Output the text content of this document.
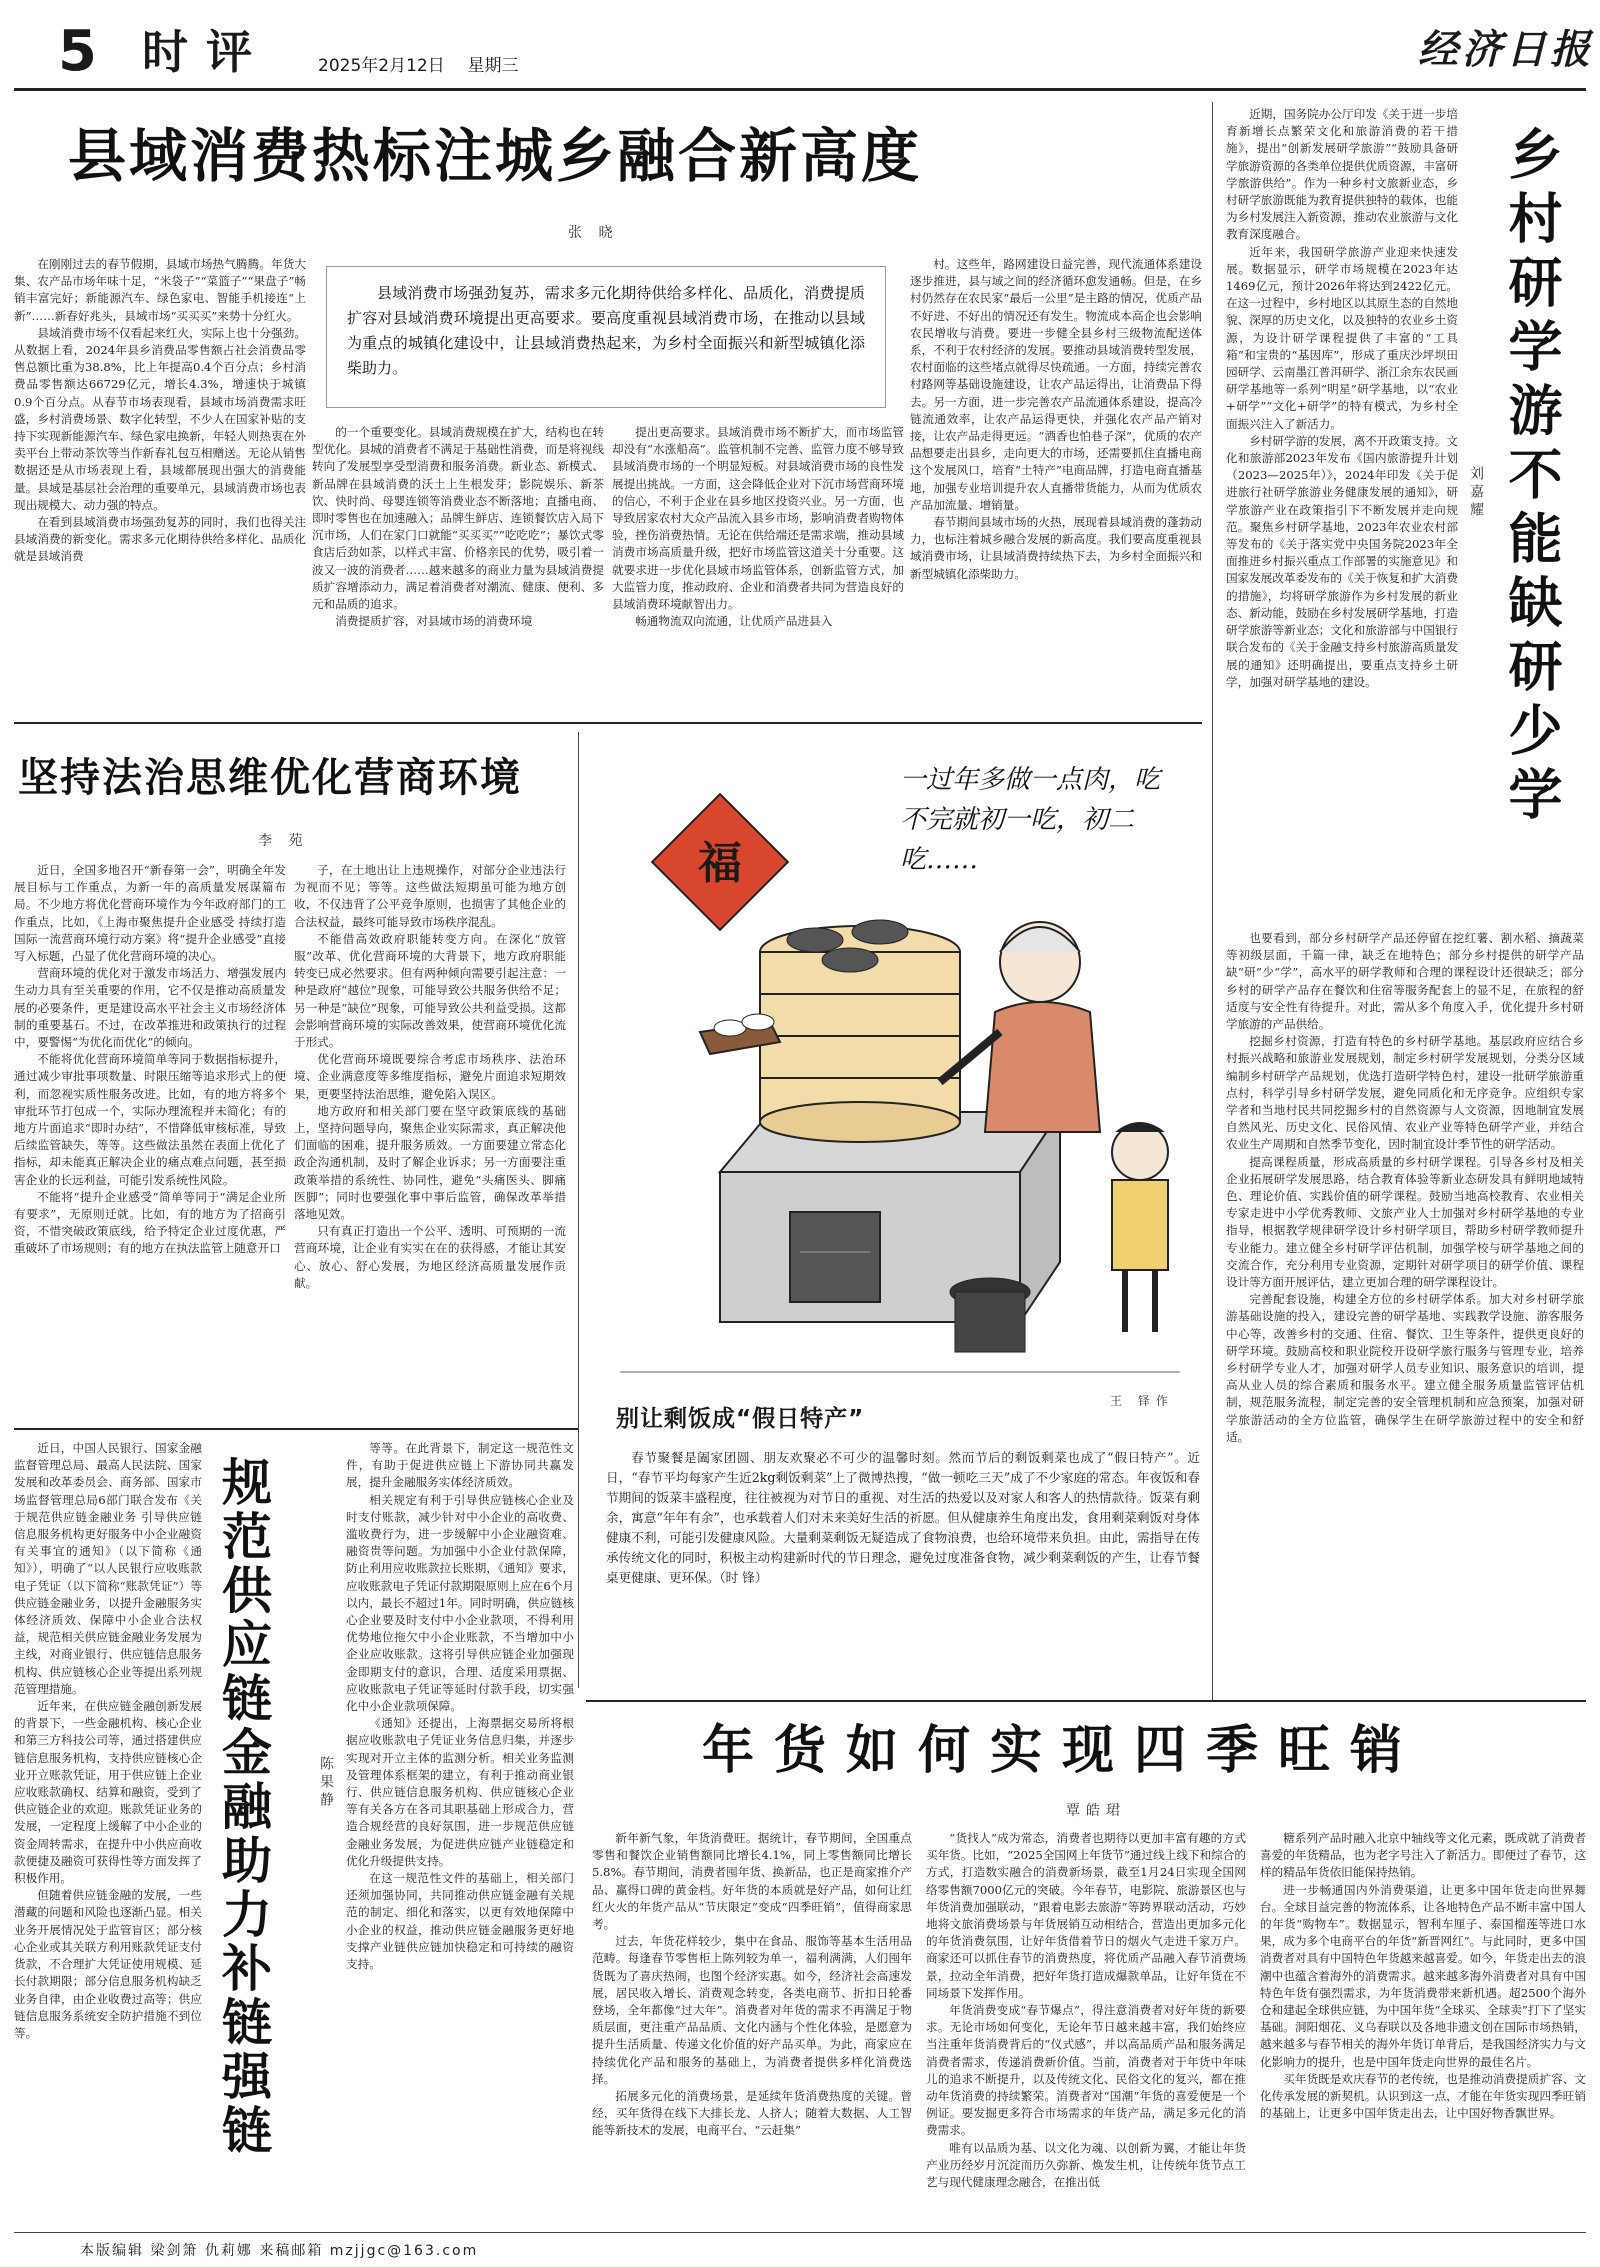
5 时评	2025年2月12日 星期三	经济日报
县域消费热标注城乡融合新高度
张 晓

在刚刚过去的春节假期，县域市场热气腾腾。年货大集、农产品市场年味十足，“米袋子”“菜篮子”“果盘子”畅销丰富完好；新能源汽车、绿色家电、智能手机接连“上新”……新春好兆头，县域市场“买买买”来势十分红火。

县域消费市场不仅看起来红火，实际上也十分强劲。从数据上看，2024年县乡消费品零售额占社会消费品零售总额比重为38.8%，比上年提高0.4个百分点；乡村消费品零售额达66729亿元，增长4.3%，增速快于城镇0.9个百分点。从春节市场表现看，县域市场消费需求旺盛，乡村消费场景、数字化转型，不少人在国家补贴的支持下实现新能源汽车、绿色家电换新，年轻人则热衷在外卖平台上带动茶饮等当作新春礼包互相赠送。无论从销售数据还是从市场表现上看，县域都展现出强大的消费能量。县域是基层社会治理的重要单元，县域消费市场也表现出规模大、动力强的特点。

在看到县域消费市场强劲复苏的同时，我们也得关注县域消费的新变化。需求多元化期待供给多样化、品质化就是县域消费

县域消费市场强劲复苏，需求多元化期待供给多样化、品质化，消费提质扩容对县域消费环境提出更高要求。要高度重视县域消费市场，在推动以县域为重点的城镇化建设中，让县域消费热起来，为乡村全面振兴和新型城镇化添柴助力。

的一个重要变化。县域消费规模在扩大，结构也在转型优化。县城的消费者不满足于基础性消费，而是将视线转向了发展型享受型消费和服务消费。新业态、新模式、新品牌在县域消费的沃土上生根发芽；影院娱乐、新茶饮、快时尚、母婴连锁等消费业态不断落地；直播电商、即时零售也在加速融入；品牌生鲜店、连锁餐饮店入局下沉市场，人们在家门口就能“买买买”“吃吃吃”；暴饮式零食店后劲如茶，以样式丰富、价格亲民的优势，吸引着一波又一波的消费者……越来越多的商业力量为县域消费提质扩容增添动力，满足着消费者对潮流、健康、便利、多元和品质的追求。

消费提质扩容，对县域市场的消费环境

提出更高要求。县域消费市场不断扩大，而市场监管却没有“水涨船高”。监管机制不完善、监管力度不够导致县域消费市场的一个明显短板。对县域消费市场的良性发展提出挑战。一方面，这会降低企业对下沉市场营商环境的信心，不利于企业在县乡地区投资兴业。另一方面，也导致居家农村大众产品流入县乡市场，影响消费者购物体验，挫伤消费热情。无论在供给端还是需求端，推动县域消费市场高质量升级，把好市场监管这道关十分重要。这就要求进一步优化县域市场监管体系，创新监管方式，加大监管力度，推动政府、企业和消费者共同为营造良好的县域消费环境献智出力。

畅通物流双向流通，让优质产品进县入

村。这些年，路网建设日益完善，现代流通体系建设逐步推进，县与域之间的经济循环愈发通畅。但是，在乡村仍然存在农民家“最后一公里”是主路的情况，优质产品不好进、不好出的情况还有发生。物流成本高企也会影响农民增收与消费。要进一步健全县乡村三级物流配送体系，不利于农村经济的发展。要推动县域消费转型发展，农村面临的这些堵点就得尽快疏通。一方面，持续完善农村路网等基础设施建设，让农产品运得出，让消费品下得去。另一方面，进一步完善农产品流通体系建设，提高冷链流通效率，让农产品运得更快，并强化农产品产销对接，让农产品走得更远。“酒香也怕巷子深”，优质的农产品想要走出县乡，走向更大的市场，还需要抓住直播电商这个发展风口，培育“土特产”电商品牌，打造电商直播基地，加强专业培训提升农人直播带货能力，从而为优质农产品加流量、增销量。

春节期间县域市场的火热，展现着县域消费的蓬勃动力，也标注着城乡融合发展的新高度。我们要高度重视县域消费市场，让县域消费持续热下去，为乡村全面振兴和新型城镇化添柴助力。	乡村研学游不能缺研少学
刘嘉耀

近期，国务院办公厅印发《关于进一步培育新增长点繁荣文化和旅游消费的若干措施》，提出“创新发展研学旅游”“鼓励具备研学旅游资源的各类单位提供优质资源，丰富研学旅游供给”。作为一种乡村文旅新业态，乡村研学旅游既能为教育提供独特的载体，也能为乡村发展注入新资源，推动农业旅游与文化教育深度融合。

近年来，我国研学旅游产业迎来快速发展。数据显示，研学市场规模在2023年达1469亿元，预计2026年将达到2422亿元。在这一过程中，乡村地区以其原生态的自然地貌、深厚的历史文化，以及独特的农业乡土资源，为设计研学课程提供了丰富的“工具箱”和宝贵的“基因库”，形成了重庆沙坪坝田园研学、云南墨江普洱研学、浙江余东农民画研学基地等一系列“明星”研学基地，以“农业+研学”“文化+研学”的特有模式，为乡村全面振兴注入了新活力。

乡村研学游的发展，离不开政策支持。文化和旅游部2023年发布《国内旅游提升计划（2023—2025年）》，2024年印发《关于促进旅行社研学旅游业务健康发展的通知》，研学旅游产业在政策指引下不断发展并走向规范。聚焦乡村研学基地，2023年农业农村部等发布的《关于落实党中央国务院2023年全面推进乡村振兴重点工作部署的实施意见》和国家发展改革委发布的《关于恢复和扩大消费的措施》，均将研学旅游作为乡村发展的新业态、新动能，鼓励在乡村发展研学基地，打造研学旅游等新业态；文化和旅游部与中国银行联合发布的《关于金融支持乡村旅游高质量发展的通知》还明确提出，要重点支持乡土研学，加强对研学基地的建设。

也要看到，部分乡村研学产品还停留在挖红薯、割水稻、摘蔬菜等初级层面，千篇一律，缺乏在地特色；部分乡村提供的研学产品缺“研”少“学”，高水平的研学教师和合理的课程设计还很缺乏；部分乡村的研学产品存在餐饮和住宿等服务配套上的显不足，在旅程的舒适度与安全性有待提升。对此，需从多个角度入手，优化提升乡村研学旅游的产品供给。

挖掘乡村资源，打造有特色的乡村研学基地。基层政府应结合乡村振兴战略和旅游业发展规划，制定乡村研学发展规划，分类分区域编制乡村研学产品规划，优选打造研学特色村，建设一批研学旅游重点村，科学引导乡村研学发展，避免同质化和无序竞争。应组织专家学者和当地村民共同挖掘乡村的自然资源与人文资源，因地制宜发展自然风光、历史文化、民俗风情、农业产业等特色研学产业，并结合农业生产周期和自然季节变化，因时制宜设计季节性的研学活动。

提高课程质量，形成高质量的乡村研学课程。引导各乡村及相关企业拓展研学发展思路，结合教育体验等新业态研发具有鲜明地域特色、理论价值、实践价值的研学课程。鼓励当地高校教育、农业相关专家走进中小学优秀教师、文旅产业人士加强对乡村研学基地的专业指导，根据教学规律研学设计乡村研学项目，帮助乡村研学教师提升专业能力。建立健全乡村研学评估机制，加强学校与研学基地之间的交流合作，充分利用专业资源，定期针对研学项目的研学价值、课程设计等方面开展评估，建立更加合理的研学课程设计。

完善配套设施，构建全方位的乡村研学体系。加大对乡村研学旅游基础设施的投入，建设完善的研学基地、实践教学设施、游客服务中心等，改善乡村的交通、住宿、餐饮、卫生等条件，提供更良好的研学环境。鼓励高校和职业院校开设研学旅行服务与管理专业，培养乡村研学专业人才，加强对研学人员专业知识、服务意识的培训，提高从业人员的综合素质和服务水平。建立健全服务质量监管评估机制，规范服务流程，制定完善的安全管理机制和应急预案，加强对研学旅游活动的全方位监管，确保学生在研学旅游过程中的安全和舒适。

坚持法治思维优化营商环境
李 苑

近日，全国多地召开“新春第一会”，明确全年发展目标与工作重点，为新一年的高质量发展谋篇布局。不少地方将优化营商环境作为今年政府部门的工作重点，比如，《上海市聚焦提升企业感受 持续打造国际一流营商环境行动方案》将“提升企业感受”直接写入标题，凸显了优化营商环境的决心。

营商环境的优化对于激发市场活力、增强发展内生动力具有至关重要的作用，它不仅是推动高质量发展的必要条件，更是建设高水平社会主义市场经济体制的重要基石。不过，在改革推进和政策执行的过程中，要警惕“为优化而优化”的倾向。

不能将优化营商环境简单等同于数据指标提升，通过减少审批事项数量、时限压缩等追求形式上的便利，而忽视实质性服务改进。比如，有的地方将多个审批环节打包成一个，实际办理流程并未简化；有的地方片面追求“即时办结”，不惜降低审核标准，导致后续监管缺失，等等。这些做法虽然在表面上优化了指标，却未能真正解决企业的痛点难点问题，甚至损害企业的长远利益，可能引发系统性风险。

不能将“提升企业感受”简单等同于“满足企业所有要求”，无原则迁就。比如，有的地方为了招商引资，不惜突破政策底线，给予特定企业过度优惠，严重破坏了市场规则；有的地方在执法监管上随意开口

子，在土地出让上违规操作，对部分企业违法行为视而不见；等等。这些做法短期虽可能为地方创收，不仅违背了公平竞争原则，也损害了其他企业的合法权益，最终可能导致市场秩序混乱。

不能借高效政府职能转变方向。在深化“放管服”改革、优化营商环境的大背景下，地方政府职能转变已成必然要求。但有两种倾向需要引起注意：一种是政府“越位”现象，可能导致公共服务供给不足；另一种是“缺位”现象，可能导致公共利益受损。这都会影响营商环境的实际改善效果，使营商环境优化流于形式。

优化营商环境既要综合考虑市场秩序、法治环境、企业满意度等多维度指标，避免片面追求短期效果，更要坚持法治思维，避免陷入误区。

地方政府和相关部门要在坚守政策底线的基础上，坚持问题导向，聚焦企业实际需求，真正解决他们面临的困难，提升服务质效。一方面要建立常态化政企沟通机制，及时了解企业诉求；另一方面要注重政策举措的系统性、协同性，避免“头痛医头、脚痛医脚”；同时也要强化事中事后监管，确保改革举措落地见效。

只有真正打造出一个公平、透明、可预期的一流营商环境，让企业有实实在在的获得感，才能让其安心、放心、舒心发展，为地区经济高质量发展作贡献。

福
一过年多做一点肉，吃不完就初一吃，初二吃……
别让剩饭成“假日特产”
王 铎作

春节聚餐是阖家团圆、朋友欢聚必不可少的温馨时刻。然而节后的剩饭剩菜也成了“假日特产”。近日，“春节平均每家产生近2kg剩饭剩菜”上了微博热搜，“做一顿吃三天”成了不少家庭的常态。年夜饭和春节期间的饭菜丰盛程度，往往被视为对节日的重视、对生活的热爱以及对家人和客人的热情款待。饭菜有剩余，寓意“年年有余”，也承载着人们对未来美好生活的祈愿。但从健康养生角度出发，食用剩菜剩饭对身体健康不利，可能引发健康风险。大量剩菜剩饭无疑造成了食物浪费，也给环境带来负担。由此，需指导在传承传统文化的同时，积极主动构建新时代的节日理念，避免过度准备食物，减少剩菜剩饭的产生，让春节餐桌更健康、更环保。（时 锋）

近日，中国人民银行、国家金融监督管理总局、最高人民法院、国家发展和改革委员会、商务部、国家市场监督管理总局6部门联合发布《关于规范供应链金融业务 引导供应链信息服务机构更好服务中小企业融资有关事宜的通知》（以下简称《通知》），明确了“以人民银行应收账款电子凭证（以下简称“账款凭证”）等供应链金融业务，以提升金融服务实体经济质效、保障中小企业合法权益，规范相关供应链金融业务发展为主线，对商业银行、供应链信息服务机构、供应链核心企业等提出系列规范管理措施。

近年来，在供应链金融创新发展的背景下，一些金融机构、核心企业和第三方科技公司等，通过搭建供应链信息服务机构，支持供应链核心企业开立账款凭证，用于供应链上企业应收账款确权、结算和融资，受到了供应链企业的欢迎。账款凭证业务的发展，一定程度上缓解了中小企业的资金周转需求，在提升中小供应商收款便捷及融资可获得性等方面发挥了积极作用。

但随着供应链金融的发展，一些潜藏的问题和风险也逐渐凸显。相关业务开展情况处于监管盲区；部分核心企业或其关联方利用账款凭证支付货款，不合理扩大凭证使用规模、延长付款期限；部分信息服务机构缺乏业务自律，由企业收费过高等；供应链信息服务系统安全防护措施不到位等。	规范供应链金融助力补链强链	陈果静

等等。在此背景下，制定这一规范性文件，有助于促进供应链上下游协同共赢发展，提升金融服务实体经济质效。

相关规定有利于引导供应链核心企业及时支付账款，减少针对中小企业的高收费、滥收费行为，进一步缓解中小企业融资难、融资贵等问题。为加强中小企业付款保障，防止利用应收账款拉长账期，《通知》要求，应收账款电子凭证付款期限原则上应在6个月以内，最长不超过1年。同时明确，供应链核心企业要及时支付中小企业款项，不得利用优势地位拖欠中小企业账款，不当增加中小企业应收账款。这将引导供应链企业加强现金即期支付的意识，合理、适度采用票据、应收账款电子凭证等延时付款手段，切实强化中小企业款项保障。

《通知》还提出，上海票据交易所将根据应收账款电子凭证业务信息归集，并逐步实现对开立主体的监测分析。相关业务监测及管理体系框架的建立，有利于推动商业银行、供应链信息服务机构、供应链核心企业等有关各方在各司其职基础上形成合力，营造合规经营的良好氛围，进一步规范供应链金融业务发展，为促进供应链产业链稳定和优化升级提供支持。

在这一规范性文件的基础上，相关部门还须加强协同，共同推动供应链金融有关规范的制定、细化和落实，以更有效地保障中小企业的权益，推动供应链金融服务更好地支撑产业链供应链加快稳定和可持续的融资支持。

年货如何实现四季旺销
覃皓珺

新年新气象，年货消费旺。据统计，春节期间，全国重点零售和餐饮企业销售额同比增长4.1%，同上零售额同比增长5.8%。春节期间，消费者囤年货、换新品，也正是商家推介产品、赢得口碑的黄金档。好年货的本质就是好产品，如何让红红火火的年货产品从“节庆限定”变成“四季旺销”，值得商家思考。

过去，年货花样较少，集中在食品、服饰等基本生活用品范畴。每逢春节零售柜上陈列较为单一，福利满满，人们囤年货既为了喜庆热闹，也图个经济实惠。如今，经济社会高速发展，居民收入增长、消费观念转变，各类电商节、折扣日轮番登场，全年都像“过大年”。消费者对年货的需求不再满足于物质层面，更注重产品品质、文化内涵与个性化体验，是愿意为提升生活质量、传递文化价值的好产品买单。为此，商家应在持续优化产品和服务的基础上，为消费者提供多样化消费选择。

拓展多元化的消费场景，是延续年货消费热度的关键。曾经，买年货得在线下大排长龙、人挤人；随着大数据、人工智能等新技术的发展，电商平台、“云赶集”

“货找人”成为常态，消费者也期待以更加丰富有趣的方式买年货。比如，“2025全国网上年货节”通过线上线下和综合的方式，打造数实融合的消费新场景，截至1月24日实现全国网络零售额7000亿元的突破。今年春节，电影院、旅游景区也与年货消费加强联动，“跟着电影去旅游”等跨界联动活动，巧妙地将文旅消费场景与年货展销互动相结合，营造出更加多元化的年货消费氛围，让好年货借着节日的烟火气走进千家万户。商家还可以抓住春节的消费热度，将优质产品融入春节消费场景，拉动全年消费，把好年货打造成爆款单品，让好年货在不同场景下发挥作用。

年货消费变成“春节爆点”，得注意消费者对好年货的新要求。无论市场如何变化，无论年节日越来越丰富，我们始终应当注重年货消费背后的“仪式感”，并以高品质产品和服务满足消费者需求，传递消费新价值。当前，消费者对于年货中年味儿的追求不断提升，以及传统文化、民俗文化的复兴，都在推动年货消费的持续繁荣。消费者对“国潮”年货的喜爱便是一个例证。要发掘更多符合市场需求的年货产品，满足多元化的消费需求。

唯有以品质为基、以文化为魂、以创新为翼，才能让年货产业历经岁月沉淀而历久弥新、焕发生机，让传统年货节点工艺与现代健康理念融合，在推出低

糖系列产品时融入北京中轴线等文化元素，既成就了消费者喜爱的年货精品，也为老字号注入了新活力。即便过了春节，这样的精品年货依旧能保持热销。

进一步畅通国内外消费渠道，让更多中国年货走向世界舞台。全球目益完善的物流体系，让各地特色产品不断丰富中国人的年货“购物车”。数据显示，智利车厘子、泰国榴莲等进口水果，成为多个电商平台的年货“新晋网红”。与此同时，更多中国消费者对具有中国特色年货越来越喜爱。如今，年货走出去的浪潮中也蕴含着海外的消费需求。越来越多海外消费者对具有中国特色年货有强烈需求，为年货消费带来新机遇。超2500个海外仓和建起全球供应链，为中国年货“全球买、全球卖”打下了坚实基础。洞阳烟花、义乌春联以及各地非遗文创在国际市场热销，越来越多与春节相关的海外年货订单背后，是我国经济实力与文化影响力的提升，也是中国年货走向世界的最佳名片。

买年货既是欢庆春节的老传统，也是推动消费提质扩容、文化传承发展的新契机。认识到这一点，才能在年货实现四季旺销的基础上，让更多中国年货走出去，让中国好物香飘世界。

本版编辑 梁剑箫 仇莉娜 来稿邮箱 mzjjgc@163.com
